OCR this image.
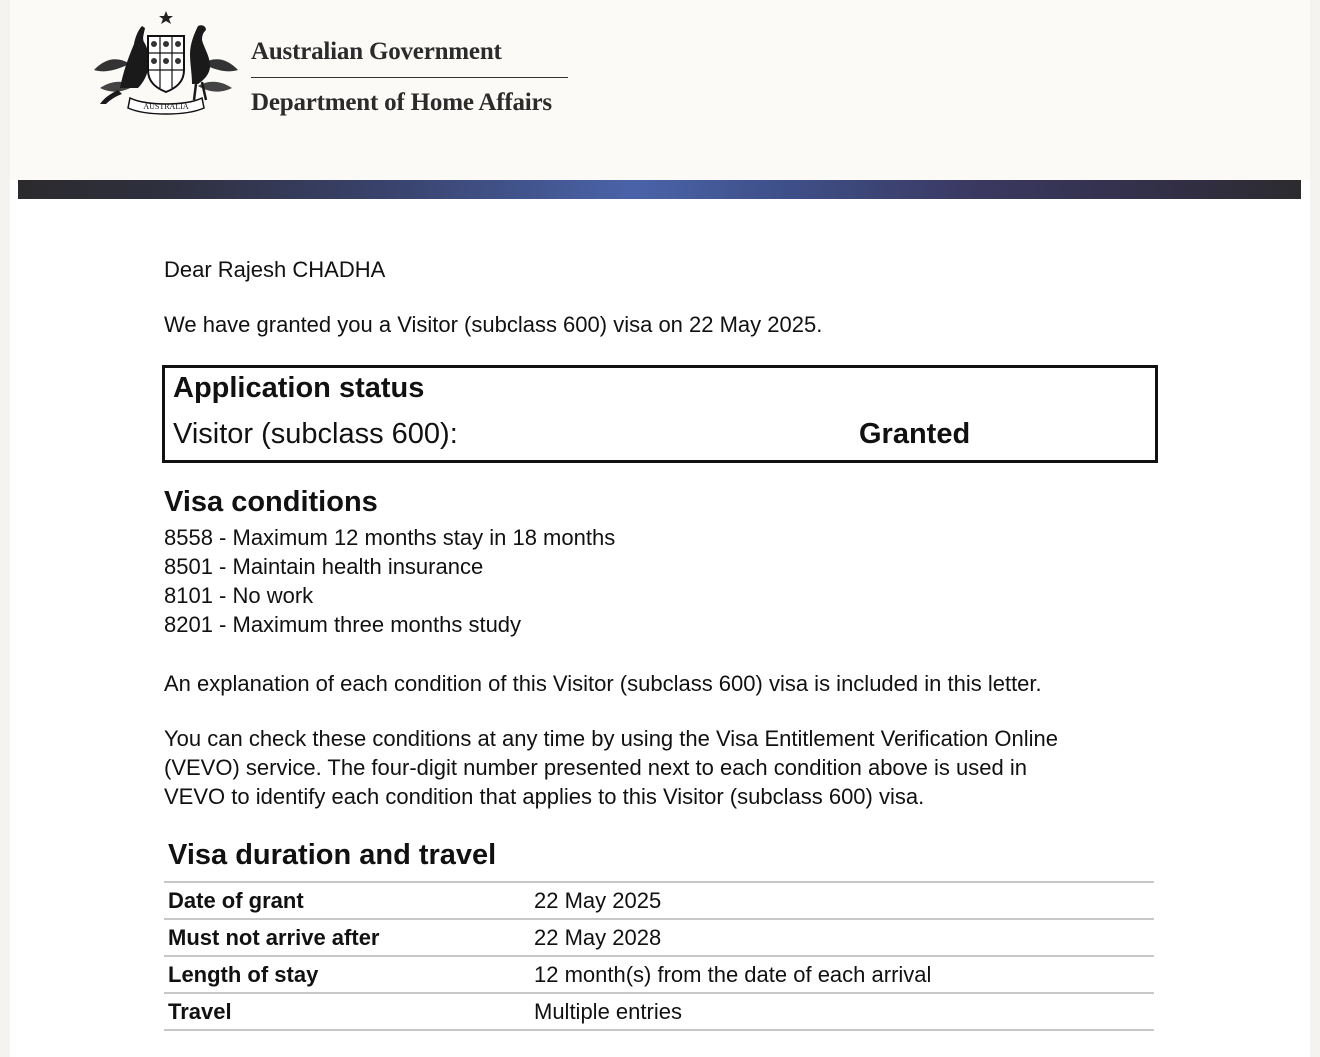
AUSTRALIA
Australian Government
Department of Home Affairs
Dear Rajesh CHADHA
We have granted you a Visitor (subclass 600) visa on 22 May 2025.
Application status
Visitor (subclass 600):	Granted
Visa conditions
8558 - Maximum 12 months stay in 18 months
8501 - Maintain health insurance
8101 - No work
8201 - Maximum three months study
An explanation of each condition of this Visitor (subclass 600) visa is included in this letter.
You can check these conditions at any time by using the Visa Entitlement Verification Online
(VEVO) service. The four-digit number presented next to each condition above is used in
VEVO to identify each condition that applies to this Visitor (subclass 600) visa.
Visa duration and travel
Date of grant	22 May 2025
Must not arrive after	22 May 2028
Length of stay	12 month(s) from the date of each arrival
Travel	Multiple entries
